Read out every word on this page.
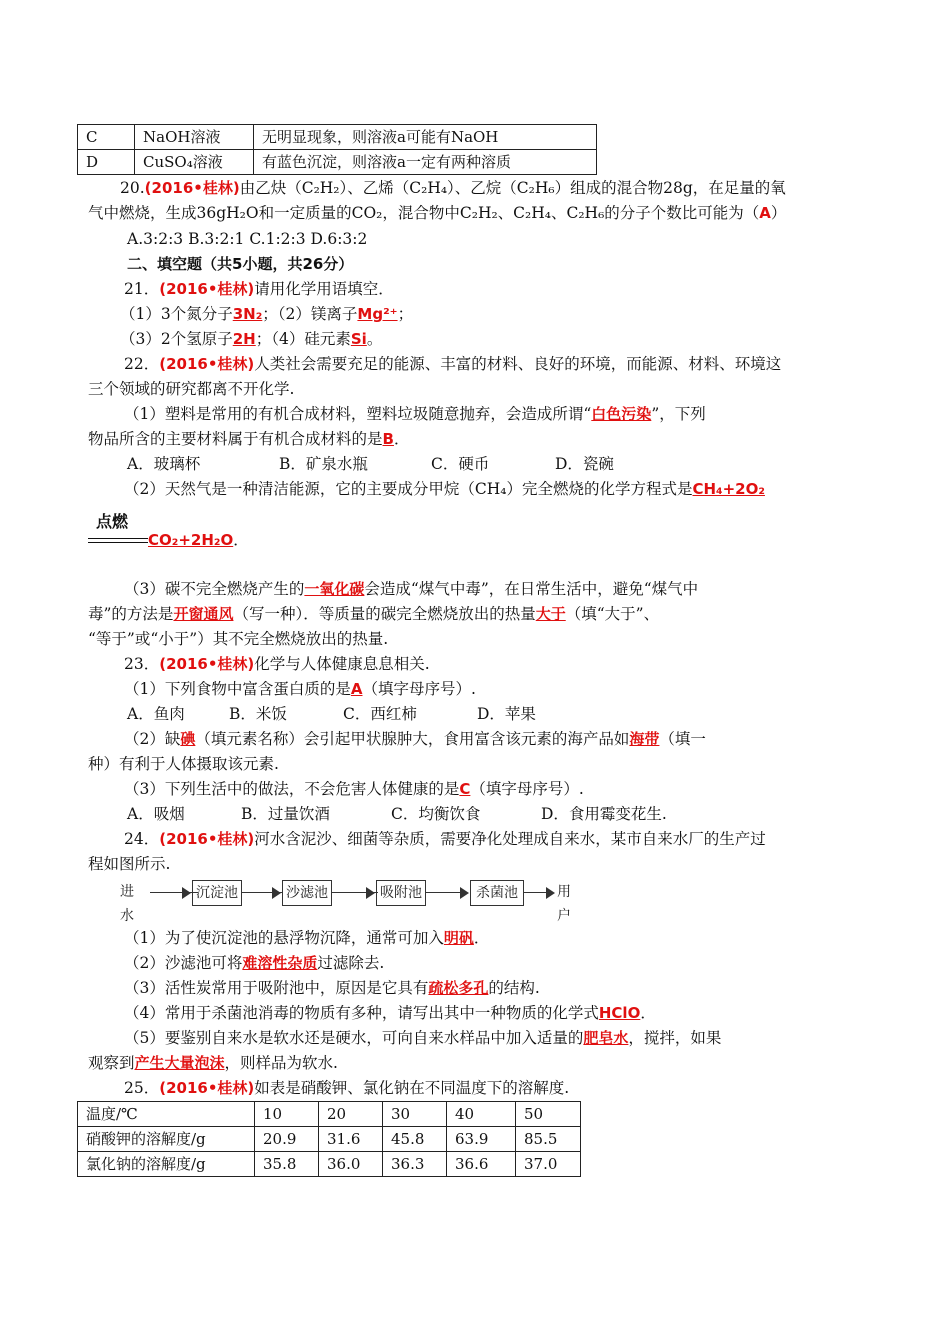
C	NaOH溶液	无明显现象，则溶液a可能有NaOH
D	CuSO₄溶液	有蓝色沉淀，则溶液a一定有两种溶质
20.(2016•桂林)由乙炔（C₂H₂）、乙烯（C₂H₄）、乙烷（C₂H₆）组成的混合物28g，在足量的氧
气中燃烧，生成36gH₂O和一定质量的CO₂，混合物中C₂H₂、C₂H₄、C₂H₆的分子个数比可能为（A）
A.3:2:3 B.3:2:1 C.1:2:3 D.6:3:2
二、填空题（共5小题，共26分）
21．(2016•桂林)请用化学用语填空．
（1）3个氮分子3N₂；（2）镁离子Mg²⁺；
（3）2个氢原子2H；（4）硅元素Si。
22．(2016•桂林)人类社会需要充足的能源、丰富的材料、良好的环境，而能源、材料、环境这
三个领域的研究都离不开化学.
（1）塑料是常用的有机合成材料，塑料垃圾随意抛弃，会造成所谓“白色污染”，下列
物品所含的主要材料属于有机合成材料的是B．
A．玻璃杯	B．矿泉水瓶	C．硬币	D．瓷碗
（2）天然气是一种清洁能源，它的主要成分甲烷（CH₄）完全燃烧的化学方程式是CH₄+2O₂
点燃
CO₂+2H₂O．
（3）碳不完全燃烧产生的一氧化碳会造成“煤气中毒”，在日常生活中，避免“煤气中
毒”的方法是开窗通风（写一种）．等质量的碳完全燃烧放出的热量大于（填“大于”、
“等于”或“小于”）其不完全燃烧放出的热量.
23．(2016•桂林)化学与人体健康息息相关.
（1）下列食物中富含蛋白质的是A（填字母序号）.
A．鱼肉	B．米饭	C．西红柿	D．苹果
（2）缺碘（填元素名称）会引起甲状腺肿大，食用富含该元素的海产品如海带（填一
种）有利于人体摄取该元素.
（3）下列生活中的做法，不会危害人体健康的是C（填字母序号）.
A．吸烟	B．过量饮酒	C．均衡饮食	D．食用霉变花生.
24．(2016•桂林)河水含泥沙、细菌等杂质，需要净化处理成自来水，某市自来水厂的生产过
程如图所示.
进水
沉淀池	沙滤池	吸附池	杀菌池	用户
（1）为了使沉淀池的悬浮物沉降，通常可加入明矾．
（2）沙滤池可将难溶性杂质过滤除去.
（3）活性炭常用于吸附池中，原因是它具有疏松多孔的结构.
（4）常用于杀菌池消毒的物质有多种，请写出其中一种物质的化学式HClO．
（5）要鉴别自来水是软水还是硬水，可向自来水样品中加入适量的肥皂水，搅拌，如果
观察到产生大量泡沫，则样品为软水.
25．(2016•桂林)如表是硝酸钾、氯化钠在不同温度下的溶解度.
温度/℃	10	20	30	40	50
硝酸钾的溶解度/g	20.9	31.6	45.8	63.9	85.5
氯化钠的溶解度/g	35.8	36.0	36.3	36.6	37.0
